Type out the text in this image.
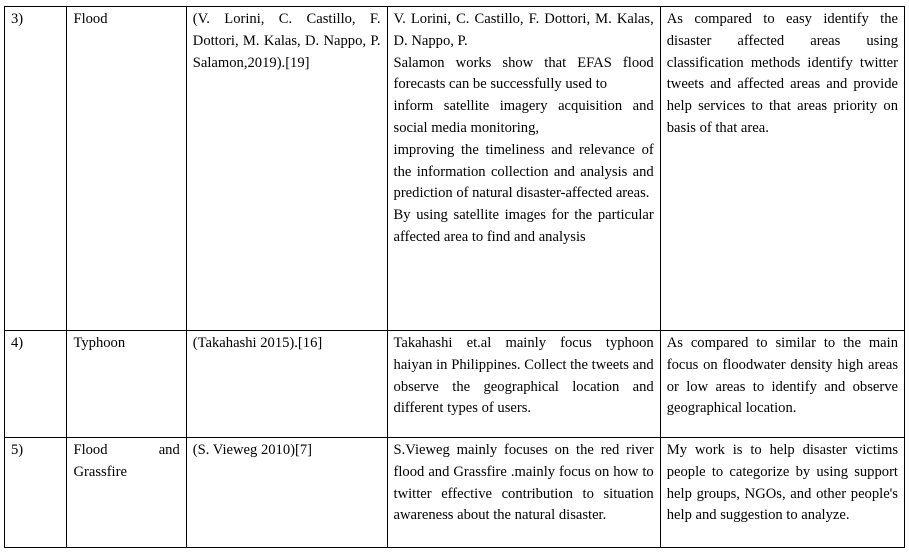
3)	Flood	(V. Lorini, C. Castillo, F. Dottori, M. Kalas, D. Nappo, P. Salamon,2019).[19]	V. Lorini, C. Castillo, F. Dottori, M. Kalas, D. Nappo, P.
Salamon works show that EFAS flood forecasts can be successfully used to
inform satellite imagery acquisition and social media monitoring,
improving the timeliness and relevance of the information collection and analysis and prediction of natural disaster-affected areas.
By using satellite images for the particular affected area to find and analysis	As compared to easy identify the disaster affected areas using classification methods identify twitter tweets and affected areas and provide help services to that areas priority on basis of that area.
4)	Typhoon	(Takahashi 2015).[16]	Takahashi et.al mainly focus typhoon haiyan in Philippines. Collect the tweets and observe the geographical location and different types of users.	As compared to similar to the main focus on floodwater density high areas or low areas to identify and observe geographical location.
5)	Flood and Grassfire	(S. Vieweg 2010)[7]	S.Vieweg mainly focuses on the red river flood and Grassfire .mainly focus on how to twitter effective contribution to situation awareness about the natural disaster.	My work is to help disaster victims people to categorize by using support help groups, NGOs, and other people's help and suggestion to analyze.
